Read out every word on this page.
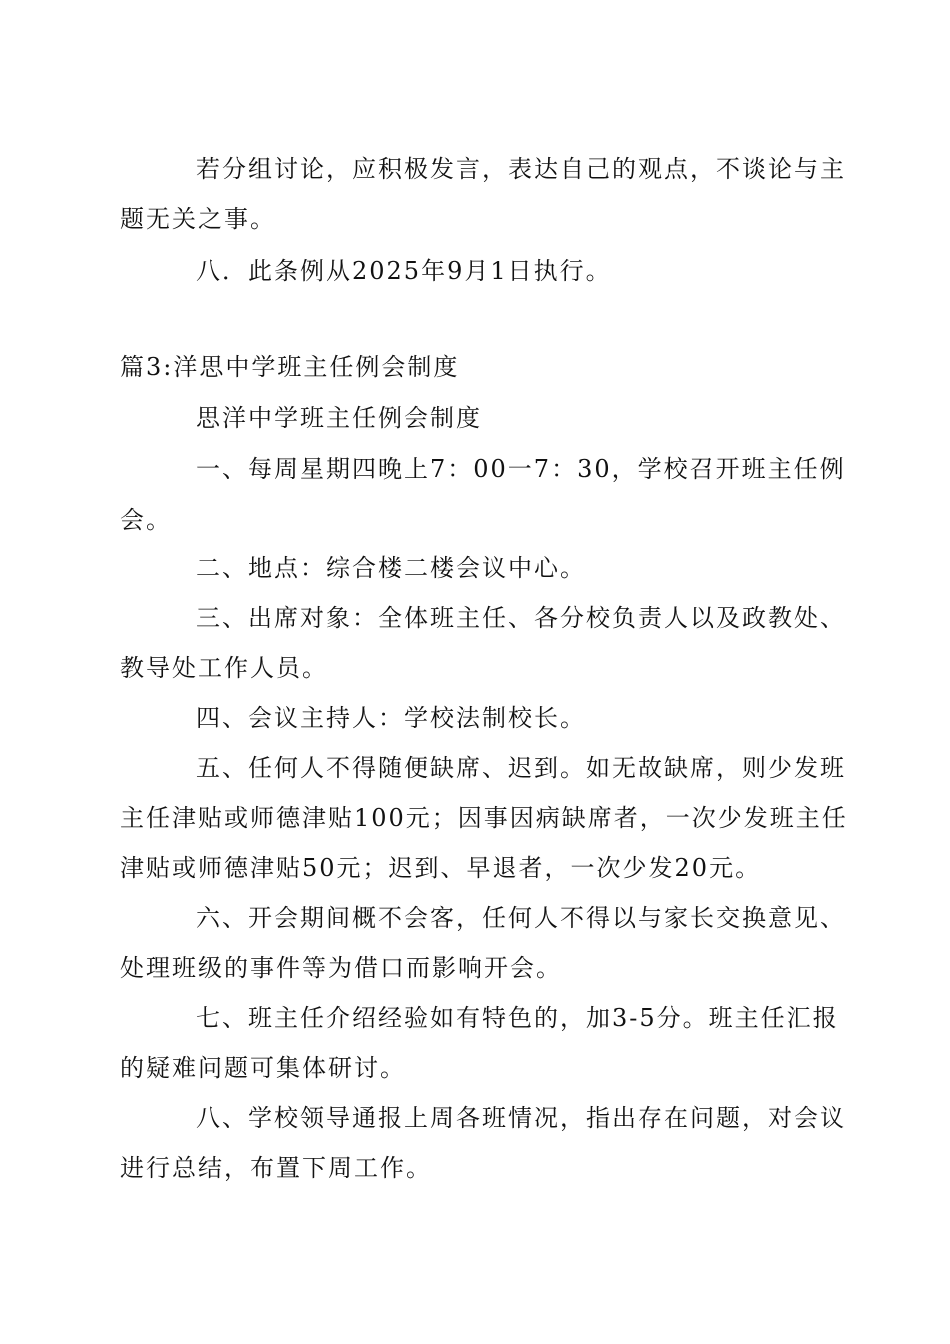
若分组讨论，应积极发言，表达自己的观点，不谈论与主
题无关之事。
八．此条例从2025年9月1日执行。
篇3:洋思中学班主任例会制度
思洋中学班主任例会制度
一、每周星期四晚上7：00一7：30，学校召开班主任例
会。
二、地点：综合楼二楼会议中心。
三、出席对象：全体班主任、各分校负责人以及政教处、
教导处工作人员。
四、会议主持人：学校法制校长。
五、任何人不得随便缺席、迟到。如无故缺席，则少发班
主任津贴或师德津贴100元；因事因病缺席者，一次少发班主任
津贴或师德津贴50元；迟到、早退者，一次少发20元。
六、开会期间概不会客，任何人不得以与家长交换意见、
处理班级的事件等为借口而影响开会。
七、班主任介绍经验如有特色的，加3-5分。班主任汇报
的疑难问题可集体研讨。
八、学校领导通报上周各班情况，指出存在问题，对会议
进行总结，布置下周工作。
